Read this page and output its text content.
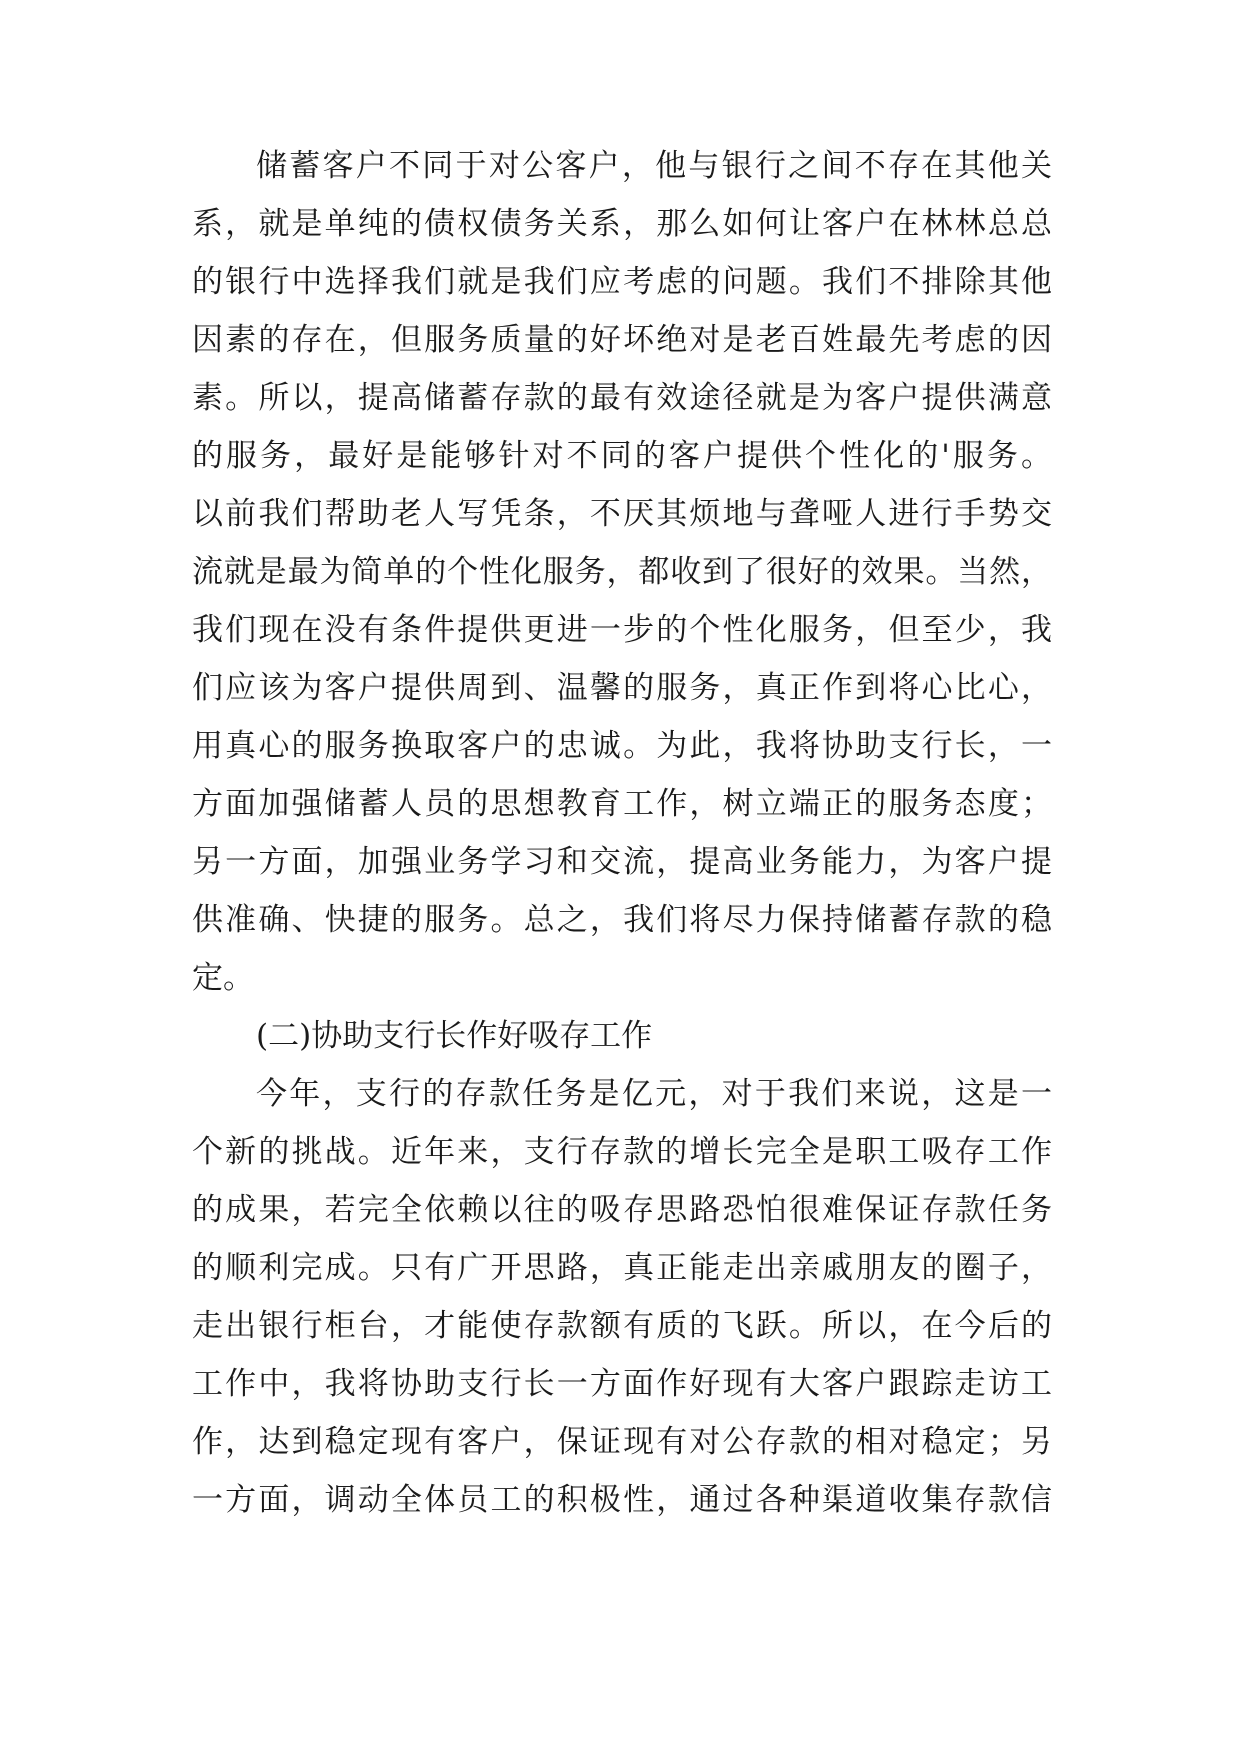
储蓄客户不同于对公客户，他与银行之间不存在其他关
系，就是单纯的债权债务关系，那么如何让客户在林林总总
的银行中选择我们就是我们应考虑的问题。我们不排除其他
因素的存在，但服务质量的好坏绝对是老百姓最先考虑的因
素。所以，提高储蓄存款的最有效途径就是为客户提供满意
的服务，最好是能够针对不同的客户提供个性化的'服务。
以前我们帮助老人写凭条，不厌其烦地与聋哑人进行手势交
流就是最为简单的个性化服务，都收到了很好的效果。当然，
我们现在没有条件提供更进一步的个性化服务，但至少，我
们应该为客户提供周到、温馨的服务，真正作到将心比心，
用真心的服务换取客户的忠诚。为此，我将协助支行长，一
方面加强储蓄人员的思想教育工作，树立端正的服务态度；
另一方面，加强业务学习和交流，提高业务能力，为客户提
供准确、快捷的服务。总之，我们将尽力保持储蓄存款的稳
定。
(二)协助支行长作好吸存工作
今年，支行的存款任务是亿元，对于我们来说，这是一
个新的挑战。近年来，支行存款的增长完全是职工吸存工作
的成果，若完全依赖以往的吸存思路恐怕很难保证存款任务
的顺利完成。只有广开思路，真正能走出亲戚朋友的圈子，
走出银行柜台，才能使存款额有质的飞跃。所以，在今后的
工作中，我将协助支行长一方面作好现有大客户跟踪走访工
作，达到稳定现有客户，保证现有对公存款的相对稳定；另
一方面，调动全体员工的积极性，通过各种渠道收集存款信
